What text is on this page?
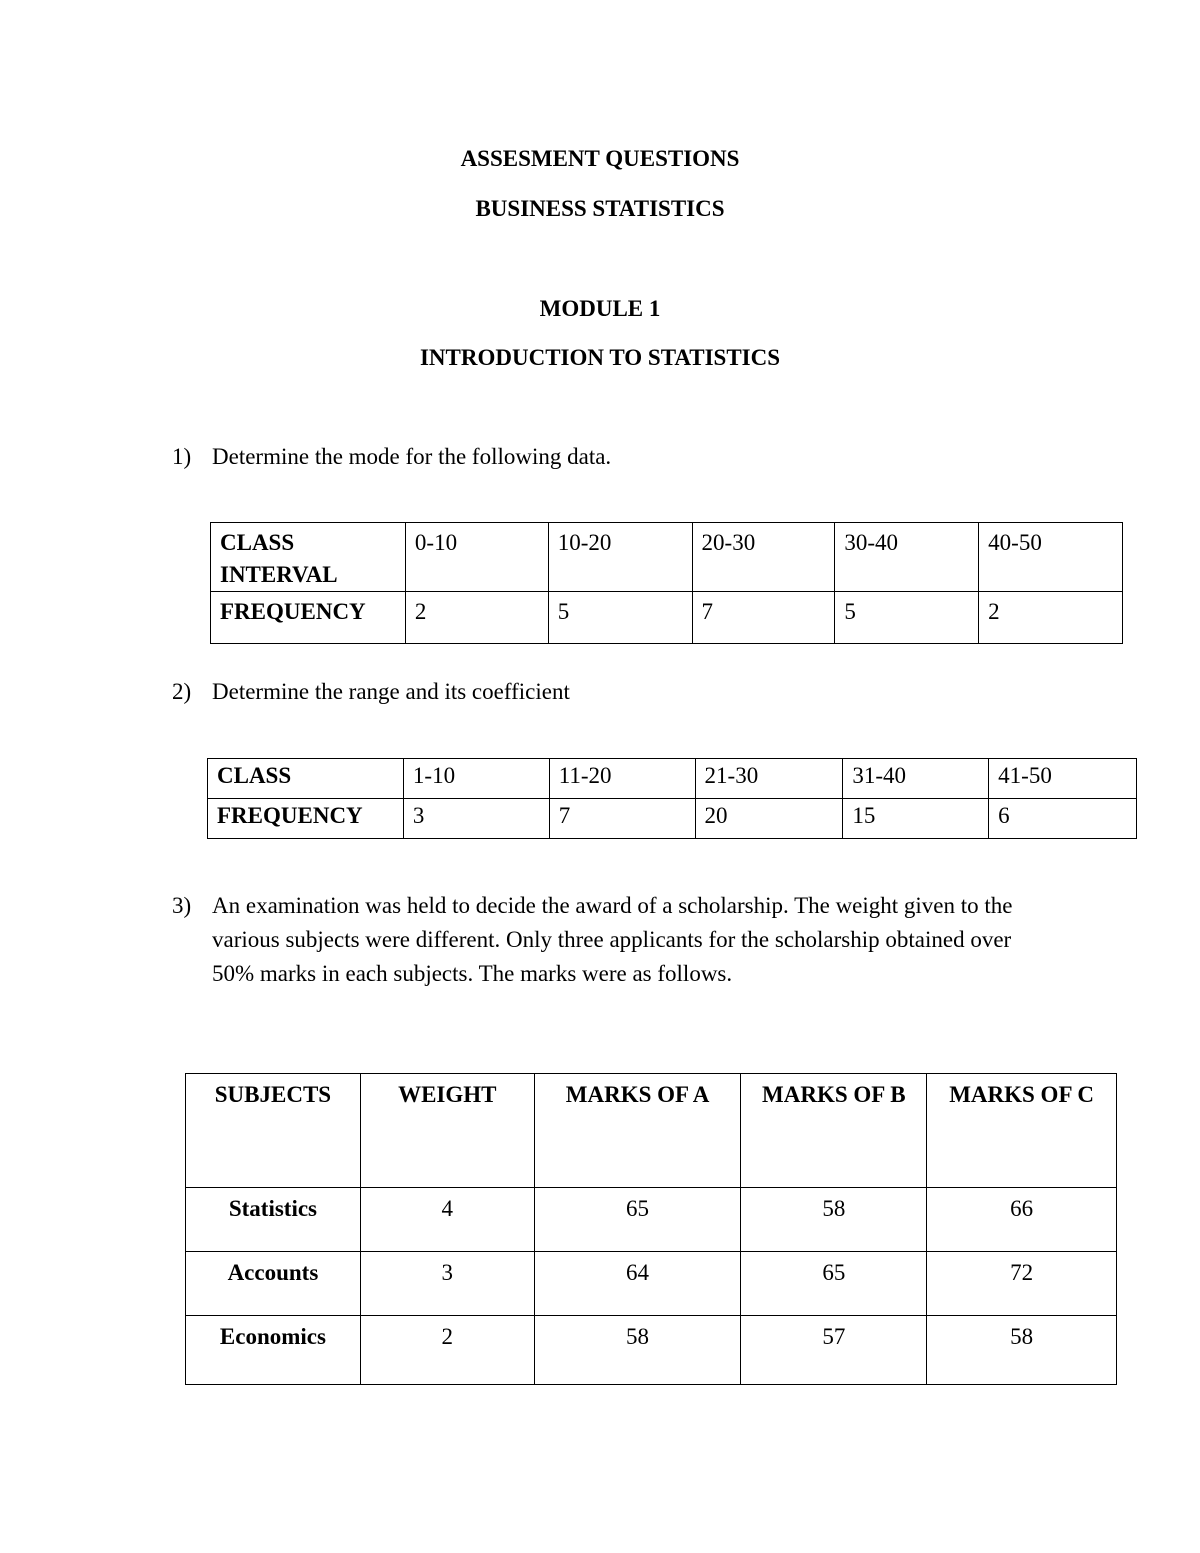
ASSESMENT QUESTIONS
BUSINESS STATISTICS
MODULE 1
INTRODUCTION TO STATISTICS
1) Determine the mode for the following data.
CLASS INTERVAL	0-10	10-20	20-30	30-40	40-50
FREQUENCY	2	5	7	5	2
2) Determine the range and its coefficient
CLASS	1-10	11-20	21-30	31-40	41-50
FREQUENCY	3	7	20	15	6
3) An examination was held to decide the award of a scholarship. The weight given to the various subjects were different. Only three applicants for the scholarship obtained over 50% marks in each subjects. The marks were as follows.
SUBJECTS	WEIGHT	MARKS OF A	MARKS OF B	MARKS OF C
Statistics	4	65	58	66
Accounts	3	64	65	72
Economics	2	58	57	58
